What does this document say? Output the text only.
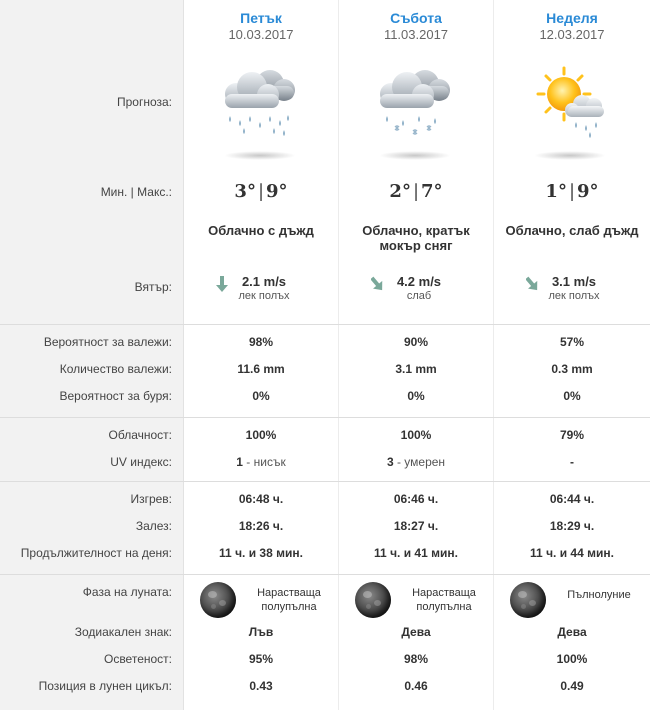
Прогноза:
Мин. | Макс.:
Вятър:
Вероятност за валежи:
Количество валежи:
Вероятност за буря:
Облачност:
UV индекс:
Изгрев:
Залез:
Продължителност на деня:
Фаза на луната:
Зодиакален знак:
Осветеност:
Позиция в лунен цикъл:
Петък
10.03.2017
3° | 9°
Облачно с дъжд
2.1 m/s
лек полъх
98%
11.6 mm
0%
100%
1 - нисък
06:48 ч.
18:26 ч.
11 ч. и 38 мин.
Нарастваща полупълна
Лъв
95%
0.43
Събота
11.03.2017
2° | 7°
Облачно, кратък мокър сняг
4.2 m/s
слаб
90%
3.1 mm
0%
100%
3 - умерен
06:46 ч.
18:27 ч.
11 ч. и 41 мин.
Нарастваща полупълна
Дева
98%
0.46
Неделя
12.03.2017
1° | 9°
Облачно, слаб дъжд
3.1 m/s
лек полъх
57%
0.3 mm
0%
79%
-
06:44 ч.
18:29 ч.
11 ч. и 44 мин.
Пълнолуние
Дева
100%
0.49
